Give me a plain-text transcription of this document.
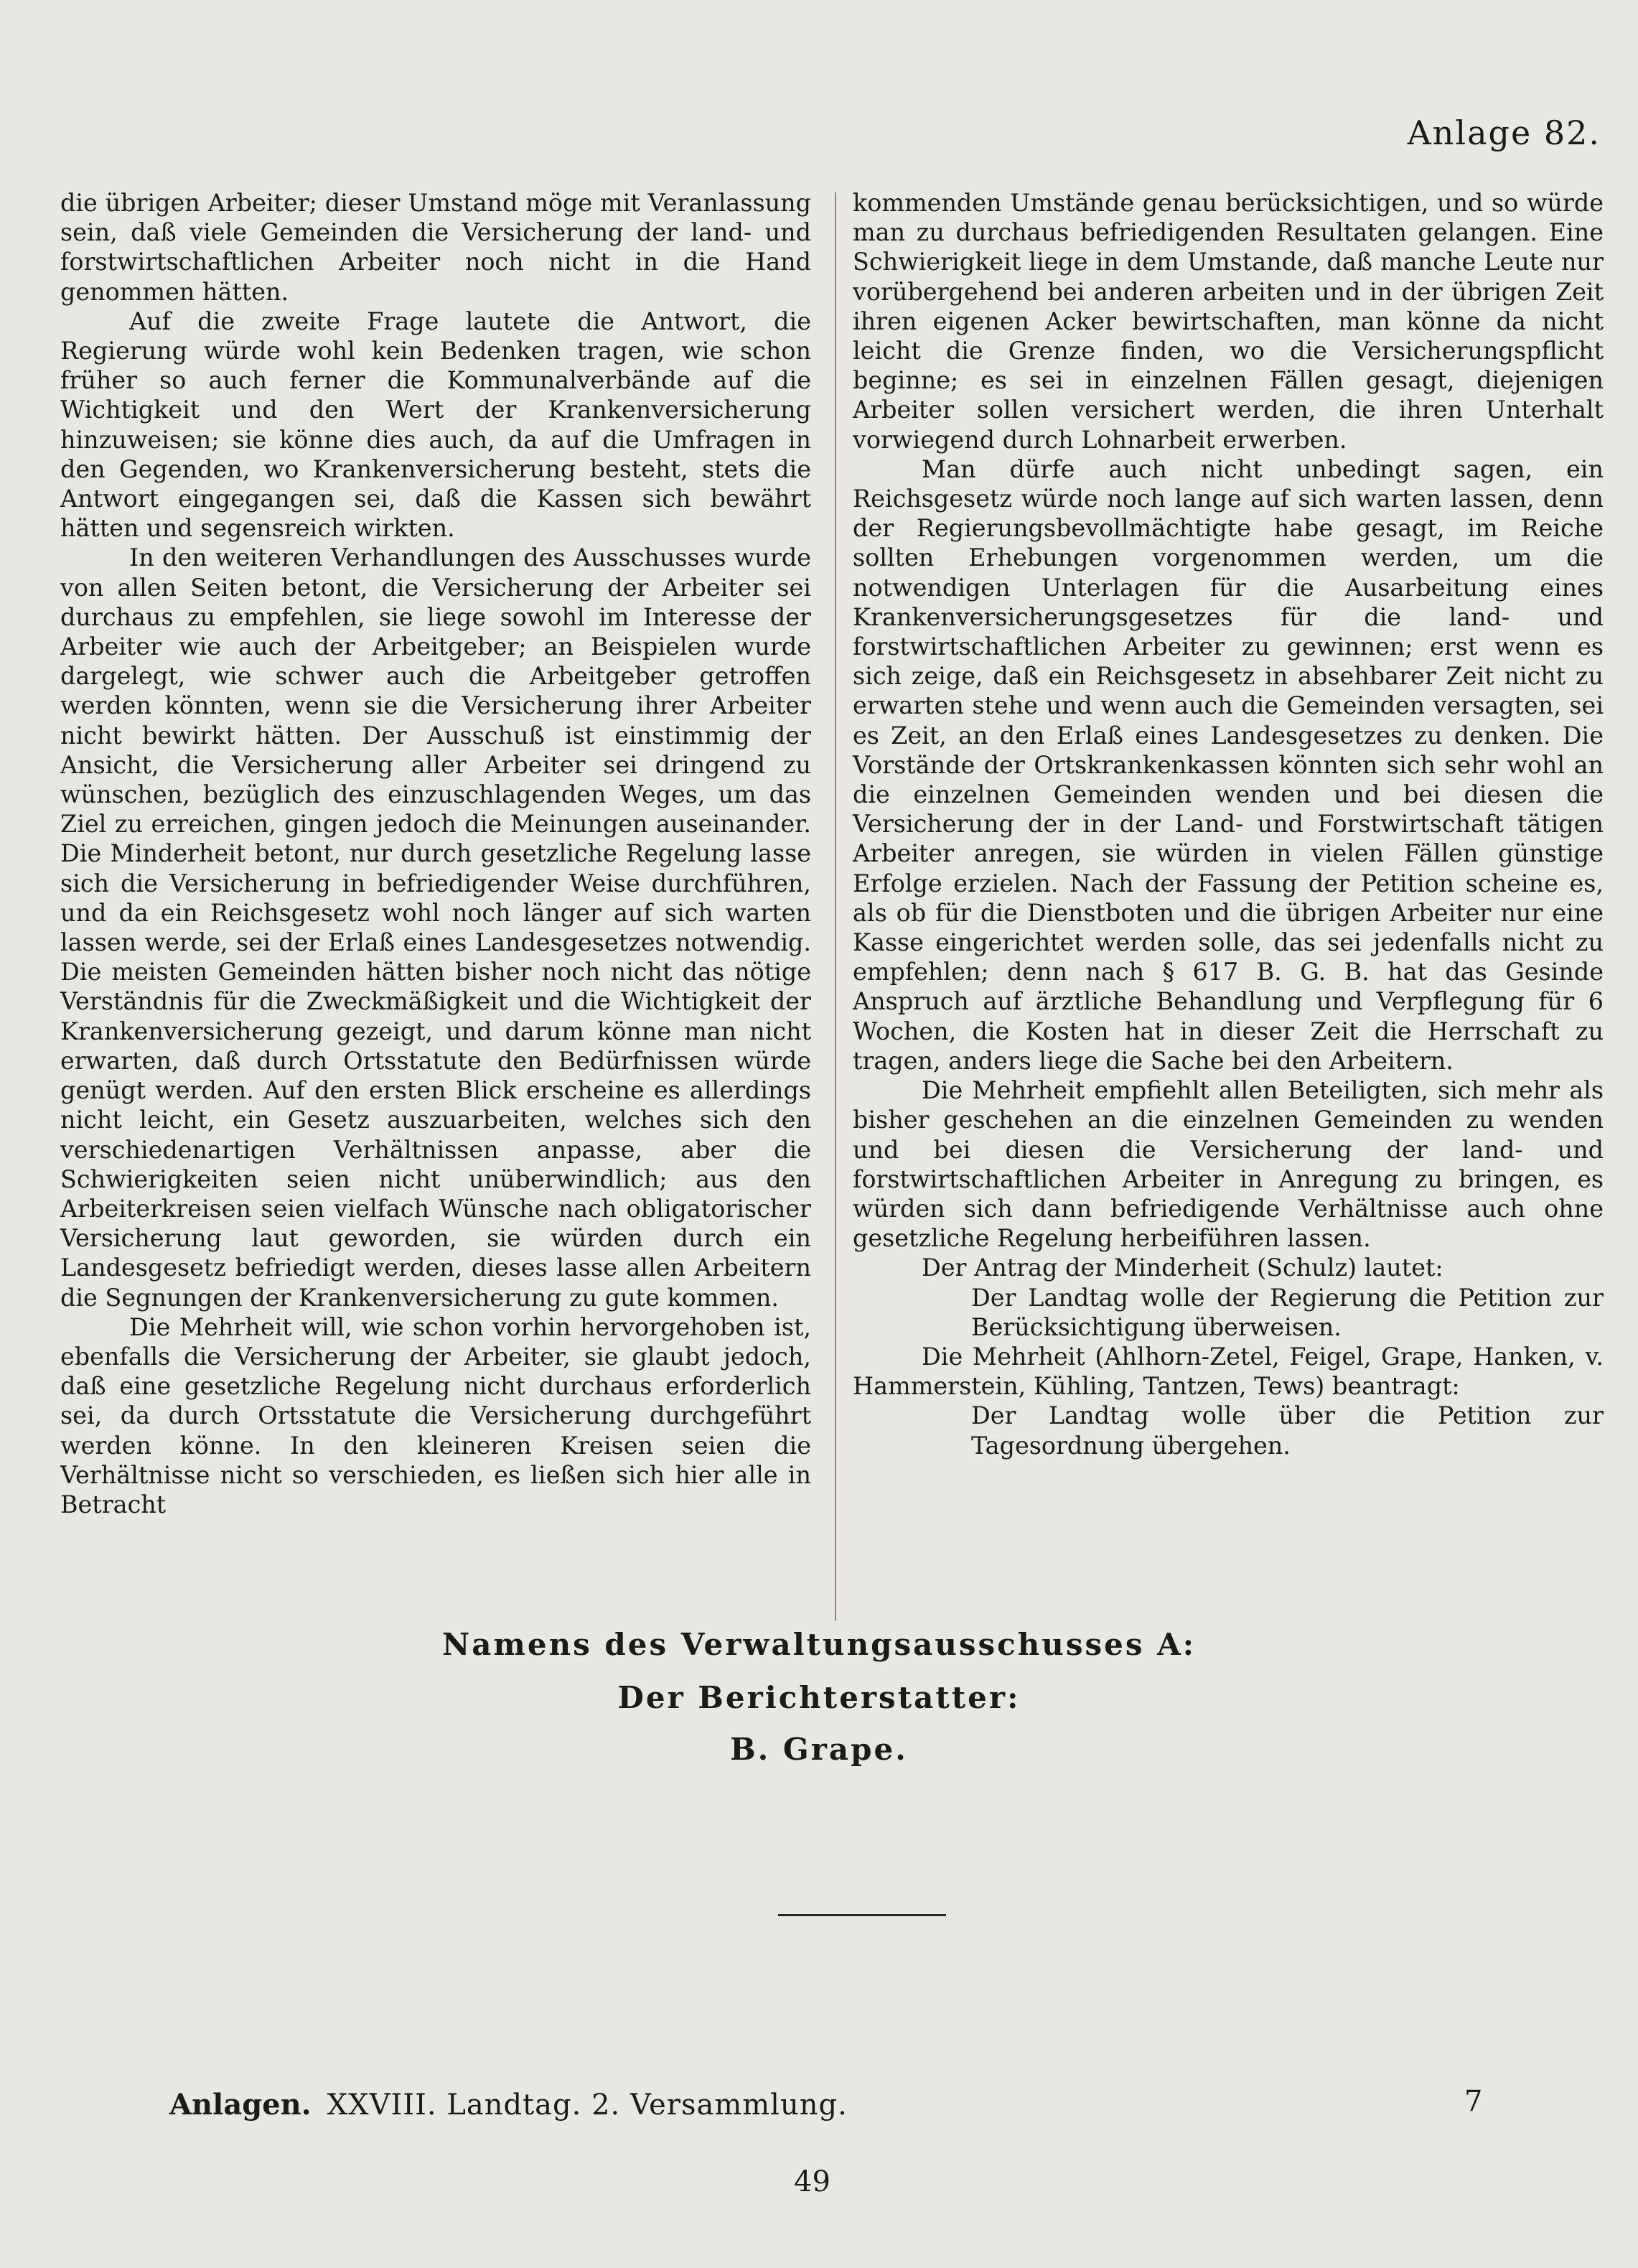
Anlage 82.

die übrigen Arbeiter; dieser Umstand möge mit Veranlassung sein, daß viele Gemeinden die Versicherung der land- und forstwirtschaftlichen Arbeiter noch nicht in die Hand genommen hätten.

Auf die zweite Frage lautete die Antwort, die Regierung würde wohl kein Bedenken tragen, wie schon früher so auch ferner die Kommunalverbände auf die Wichtigkeit und den Wert der Krankenversicherung hinzuweisen; sie könne dies auch, da auf die Umfragen in den Gegenden, wo Krankenversicherung besteht, stets die Antwort eingegangen sei, daß die Kassen sich bewährt hätten und segensreich wirkten.

In den weiteren Verhandlungen des Ausschusses wurde von allen Seiten betont, die Versicherung der Arbeiter sei durchaus zu empfehlen, sie liege sowohl im Interesse der Arbeiter wie auch der Arbeitgeber; an Beispielen wurde dargelegt, wie schwer auch die Arbeitgeber getroffen werden könnten, wenn sie die Versicherung ihrer Arbeiter nicht bewirkt hätten. Der Ausschuß ist einstimmig der Ansicht, die Versicherung aller Arbeiter sei dringend zu wünschen, bezüglich des einzuschlagenden Weges, um das Ziel zu erreichen, gingen jedoch die Meinungen auseinander. Die Minderheit betont, nur durch gesetzliche Regelung lasse sich die Versicherung in befriedigender Weise durchführen, und da ein Reichsgesetz wohl noch länger auf sich warten lassen werde, sei der Erlaß eines Landesgesetzes notwendig. Die meisten Gemeinden hätten bisher noch nicht das nötige Verständnis für die Zweckmäßigkeit und die Wichtigkeit der Krankenversicherung gezeigt, und darum könne man nicht erwarten, daß durch Ortsstatute den Bedürfnissen würde genügt werden. Auf den ersten Blick erscheine es allerdings nicht leicht, ein Gesetz auszuarbeiten, welches sich den verschiedenartigen Verhältnissen anpasse, aber die Schwierigkeiten seien nicht unüberwindlich; aus den Arbeiterkreisen seien vielfach Wünsche nach obligatorischer Versicherung laut geworden, sie würden durch ein Landesgesetz befriedigt werden, dieses lasse allen Arbeitern die Segnungen der Krankenversicherung zu gute kommen.

Die Mehrheit will, wie schon vorhin hervorgehoben ist, ebenfalls die Versicherung der Arbeiter, sie glaubt jedoch, daß eine gesetzliche Regelung nicht durchaus erforderlich sei, da durch Ortsstatute die Versicherung durchgeführt werden könne. In den kleineren Kreisen seien die Verhältnisse nicht so verschieden, es ließen sich hier alle in Betracht

kommenden Umstände genau berücksichtigen, und so würde man zu durchaus befriedigenden Resultaten gelangen. Eine Schwierigkeit liege in dem Umstande, daß manche Leute nur vorübergehend bei anderen arbeiten und in der übrigen Zeit ihren eigenen Acker bewirtschaften, man könne da nicht leicht die Grenze finden, wo die Versicherungspflicht beginne; es sei in einzelnen Fällen gesagt, diejenigen Arbeiter sollen versichert werden, die ihren Unterhalt vorwiegend durch Lohnarbeit erwerben.

Man dürfe auch nicht unbedingt sagen, ein Reichsgesetz würde noch lange auf sich warten lassen, denn der Regierungsbevollmächtigte habe gesagt, im Reiche sollten Erhebungen vorgenommen werden, um die notwendigen Unterlagen für die Ausarbeitung eines Krankenversicherungsgesetzes für die land- und forstwirtschaftlichen Arbeiter zu gewinnen; erst wenn es sich zeige, daß ein Reichsgesetz in absehbarer Zeit nicht zu erwarten stehe und wenn auch die Gemeinden versagten, sei es Zeit, an den Erlaß eines Landesgesetzes zu denken. Die Vorstände der Ortskrankenkassen könnten sich sehr wohl an die einzelnen Gemeinden wenden und bei diesen die Versicherung der in der Land- und Forstwirtschaft tätigen Arbeiter anregen, sie würden in vielen Fällen günstige Erfolge erzielen. Nach der Fassung der Petition scheine es, als ob für die Dienstboten und die übrigen Arbeiter nur eine Kasse eingerichtet werden solle, das sei jedenfalls nicht zu empfehlen; denn nach § 617 B. G. B. hat das Gesinde Anspruch auf ärztliche Behandlung und Verpflegung für 6 Wochen, die Kosten hat in dieser Zeit die Herrschaft zu tragen, anders liege die Sache bei den Arbeitern.

Die Mehrheit empfiehlt allen Beteiligten, sich mehr als bisher geschehen an die einzelnen Gemeinden zu wenden und bei diesen die Versicherung der land- und forstwirtschaftlichen Arbeiter in Anregung zu bringen, es würden sich dann befriedigende Verhältnisse auch ohne gesetzliche Regelung herbeiführen lassen.

Der Antrag der Minderheit (Schulz) lautet:

Der Landtag wolle der Regierung die Petition zur Berücksichtigung überweisen.

Die Mehrheit (Ahlhorn-Zetel, Feigel, Grape, Hanken, v. Hammerstein, Kühling, Tantzen, Tews) beantragt:

Der Landtag wolle über die Petition zur Tagesordnung übergehen.

Namens des Verwaltungsausschusses A:
Der Berichterstatter:
B. Grape.
Anlagen. XXVIII. Landtag. 2. Versammlung.	7
49
